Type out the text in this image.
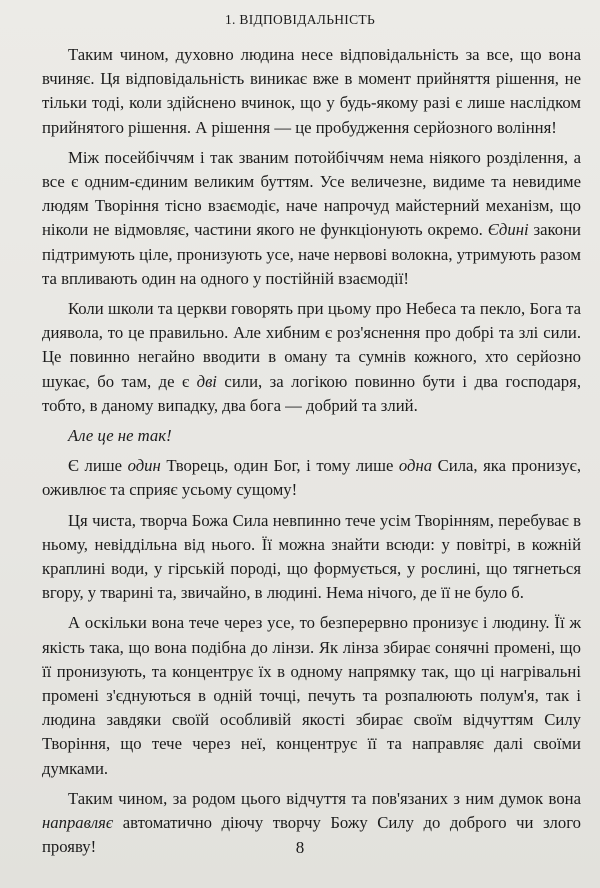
1. ВІДПОВІДАЛЬНІСТЬ

Таким чином, духовно людина несе відповідальність за все, що вона вчиняє. Ця відповідальність виникає вже в момент прийняття рішення, не тільки тоді, коли здійснено вчинок, що у будь-якому разі є лише наслідком прийнятого рішення. А рішення — це пробудження серйозного воління!

Між посейбіччям і так званим потойбіччям нема ніякого розділення, а все є одним-єдиним великим буттям. Усе величезне, видиме та невидиме людям Творіння тісно взаємодіє, наче напрочуд майстерний механізм, що ніколи не відмовляє, частини якого не функціонують окремо. Єдині закони підтримують ціле, пронизують усе, наче нервові волокна, утримують разом та впливають один на одного у постійній взаємодії!

Коли школи та церкви говорять при цьому про Небеса та пекло, Бога та диявола, то це правильно. Але хибним є роз'яснення про добрі та злі сили. Це повинно негайно вводити в оману та сумнів кожного, хто серйозно шукає, бо там, де є дві сили, за логікою повинно бути і два господаря, тобто, в даному випадку, два бога — добрий та злий.

Але це не так!

Є лише один Творець, один Бог, і тому лише одна Сила, яка пронизує, оживлює та сприяє усьому сущому!

Ця чиста, творча Божа Сила невпинно тече усім Творінням, перебуває в ньому, невіддільна від нього. Її можна знайти всюди: у повітрі, в кожній краплині води, у гірській породі, що формується, у рослині, що тягнеться вгору, у тварині та, звичайно, в людині. Нема нічого, де її не було б.

А оскільки вона тече через усе, то безперервно пронизує і людину. Її ж якість така, що вона подібна до лінзи. Як лінза збирає сонячні промені, що її пронизують, та концентрує їх в одному напрямку так, що ці нагрівальні промені з'єднуються в одній точці, печуть та розпалюють полум'я, так і людина завдяки своїй особливій якості збирає своїм відчуттям Силу Творіння, що тече через неї, концентрує її та направляє далі своїми думками.

Таким чином, за родом цього відчуття та пов'язаних з ним думок вона направляє автоматично діючу творчу Божу Силу до доброго чи злого прояву!	8
